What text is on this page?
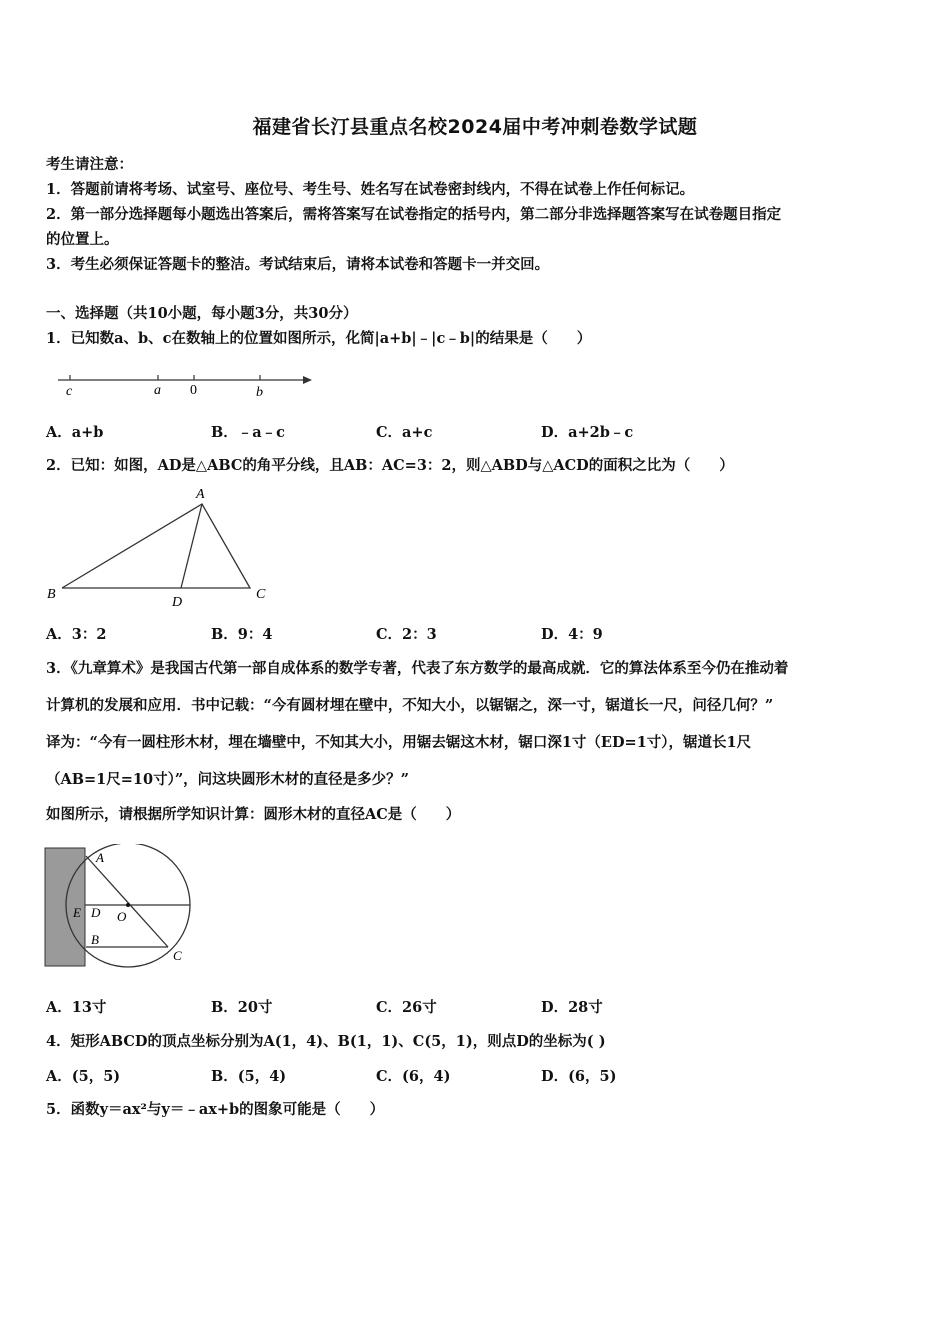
福建省长汀县重点名校2024届中考冲刺卷数学试题
考生请注意：
1．答题前请将考场、试室号、座位号、考生号、姓名写在试卷密封线内，不得在试卷上作任何标记。
2．第一部分选择题每小题选出答案后，需将答案写在试卷指定的括号内，第二部分非选择题答案写在试卷题目指定
的位置上。
3．考生必须保证答题卡的整洁。考试结束后，请将本试卷和答题卡一并交回。
一、选择题（共10小题，每小题3分，共30分）
1．已知数a、b、c在数轴上的位置如图所示，化简|a+b|﹣|c﹣b|的结果是（　　）
c	a 0	b
A．a+b	B．﹣a﹣c	C．a+c	D．a+2b﹣c
2．已知：如图，AD是△ABC的角平分线，且AB：AC=3：2，则△ABD与△ACD的面积之比为（　　）
A
B
D
C
A．3：2	B．9：4	C．2：3	D．4：9
3．《九章算术》是我国古代第一部自成体系的数学专著，代表了东方数学的最高成就．它的算法体系至今仍在推动着
计算机的发展和应用．书中记载：“今有圆材埋在壁中，不知大小，以锯锯之，深一寸，锯道长一尺，问径几何？”
译为：“今有一圆柱形木材，埋在墙壁中，不知其大小，用锯去锯这木材，锯口深1寸（ED=1寸），锯道长1尺
（AB=1尺=10寸）”，问这块圆形木材的直径是多少？”
如图所示，请根据所学知识计算：圆形木材的直径AC是（　　）
A
E D O
B
C
A．13寸	B．20寸	C．26寸	D．28寸
4．矩形ABCD的顶点坐标分别为A(1，4)、B(1，1)、C(5，1)，则点D的坐标为( )
A．(5，5)	B．(5，4)	C．(6，4)	D．(6，5)
5．函数y＝ax²与y＝﹣ax+b的图象可能是（　　）
